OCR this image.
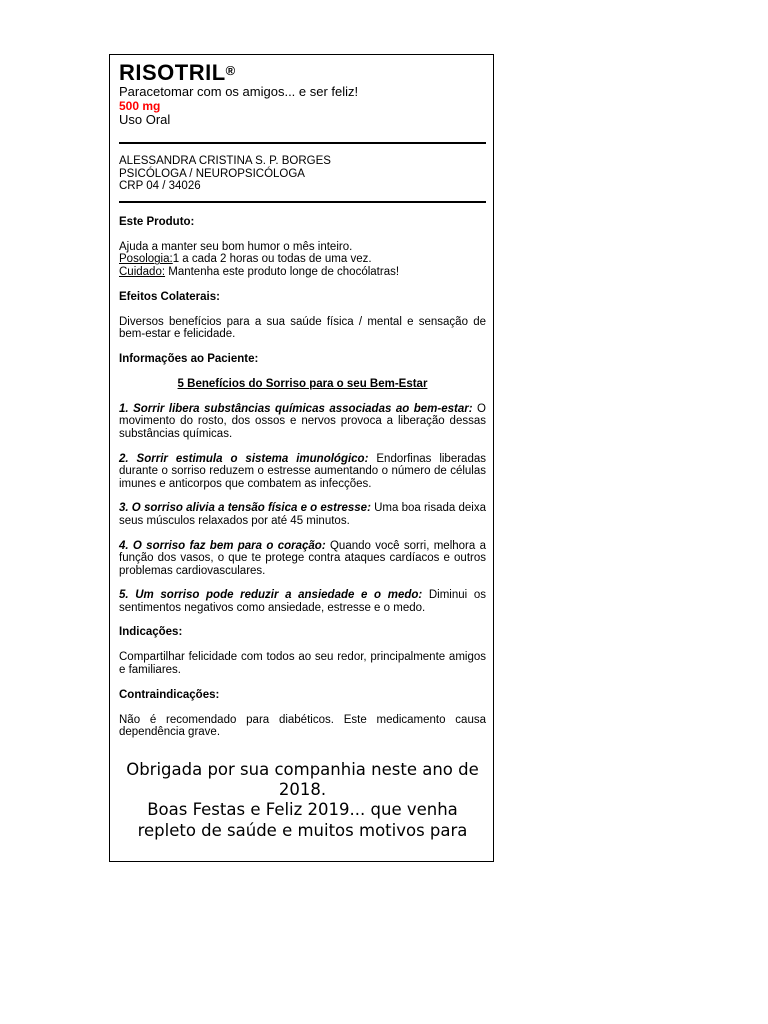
RISOTRIL®
Paracetomar com os amigos... e ser feliz!
500 mg
Uso Oral
ALESSANDRA CRISTINA S. P. BORGES
PSICÓLOGA / NEUROPSICÓLOGA
CRP 04 / 34026
Este Produto:
Ajuda a manter seu bom humor o mês inteiro.
Posologia:1 a cada 2 horas ou todas de uma vez.
Cuidado: Mantenha este produto longe de chocólatras!
Efeitos Colaterais:
Diversos benefícios para a sua saúde física / mental e sensação de bem-estar e felicidade.
Informações ao Paciente:
5 Benefícios do Sorriso para o seu Bem-Estar
1. Sorrir libera substâncias químicas associadas ao bem-estar: O movimento do rosto, dos ossos e nervos provoca a liberação dessas substâncias químicas.
2. Sorrir estimula o sistema imunológico: Endorfinas liberadas durante o sorriso reduzem o estresse aumentando o número de células imunes e anticorpos que combatem as infecções.
3. O sorriso alivia a tensão física e o estresse: Uma boa risada deixa seus músculos relaxados por até 45 minutos.
4. O sorriso faz bem para o coração: Quando você sorri, melhora a função dos vasos, o que te protege contra ataques cardíacos e outros problemas cardiovasculares.
5. Um sorriso pode reduzir a ansiedade e o medo: Diminui os sentimentos negativos como ansiedade, estresse e o medo.
Indicações:
Compartilhar felicidade com todos ao seu redor, principalmente amigos e familiares.
Contraindicações:
Não é recomendado para diabéticos. Este medicamento causa dependência grave.
Obrigada por sua companhia neste ano de 2018.
Boas Festas e Feliz 2019... que venha repleto de saúde e muitos motivos para
